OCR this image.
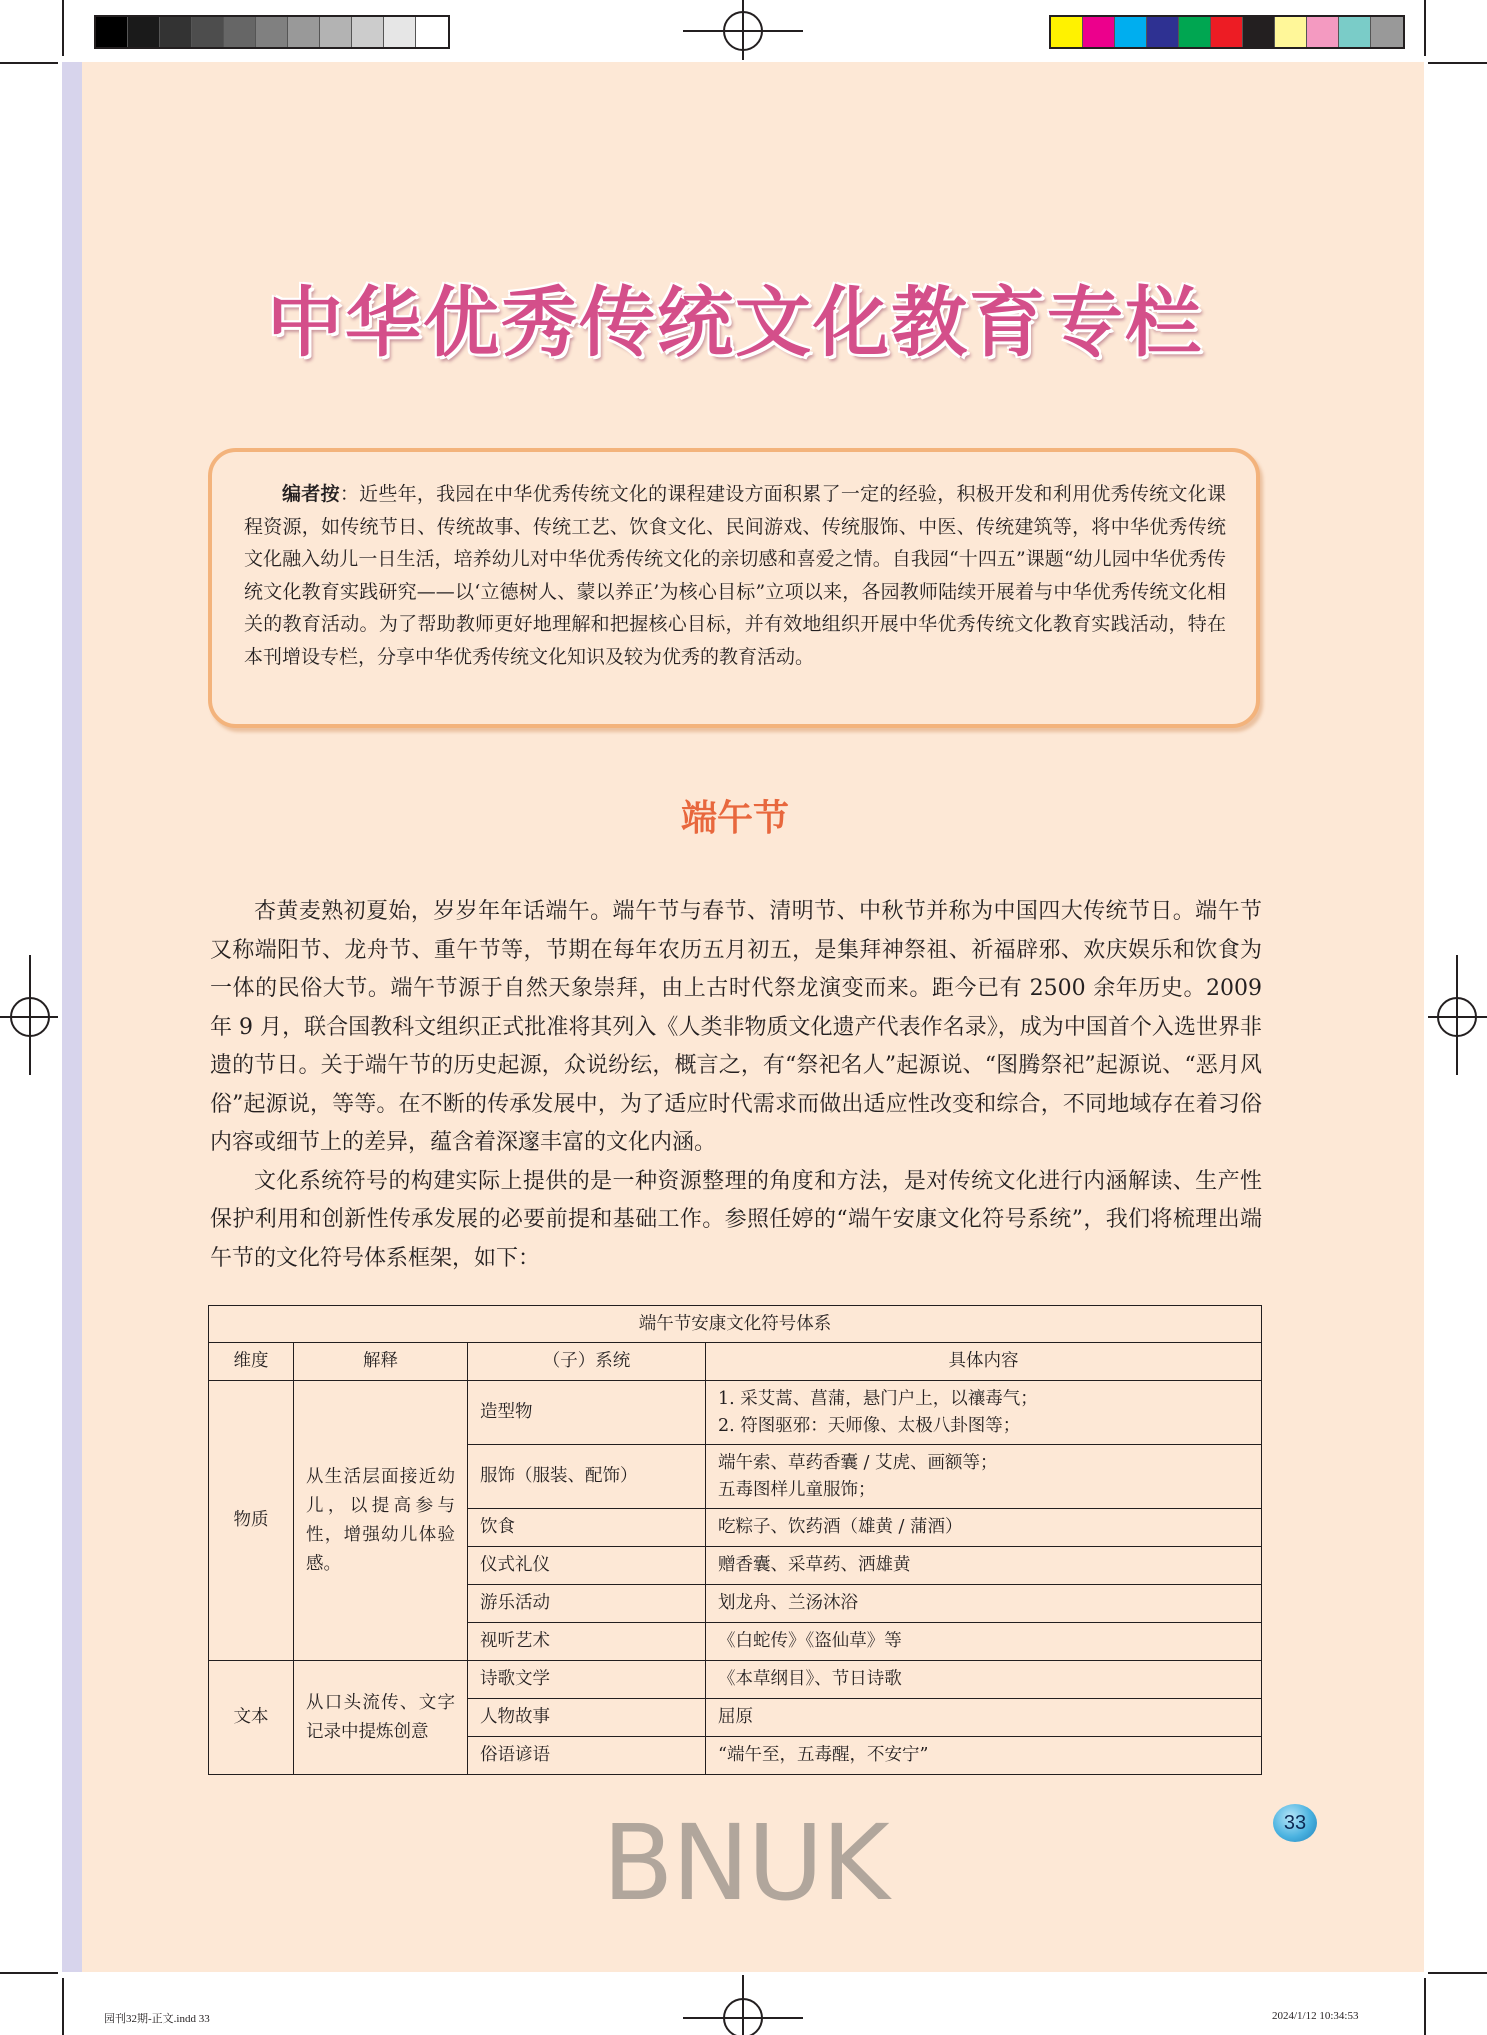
园刊32期-正文.indd 33	2024/1/12 10:34:53
中华优秀传统文化教育专栏
编者按：近些年，我园在中华优秀传统文化的课程建设方面积累了一定的经验，积极开发和利用优秀传统文化课程资源，如传统节日、传统故事、传统工艺、饮食文化、民间游戏、传统服饰、中医、传统建筑等，将中华优秀传统文化融入幼儿一日生活，培养幼儿对中华优秀传统文化的亲切感和喜爱之情。自我园“十四五”课题“幼儿园中华优秀传统文化教育实践研究——以‘立德树人、蒙以养正’为核心目标”立项以来，各园教师陆续开展着与中华优秀传统文化相关的教育活动。为了帮助教师更好地理解和把握核心目标，并有效地组织开展中华优秀传统文化教育实践活动，特在本刊增设专栏，分享中华优秀传统文化知识及较为优秀的教育活动。
端午节

杏黄麦熟初夏始，岁岁年年话端午。端午节与春节、清明节、中秋节并称为中国四大传统节日。端午节又称端阳节、龙舟节、重午节等，节期在每年农历五月初五，是集拜神祭祖、祈福辟邪、欢庆娱乐和饮食为一体的民俗大节。端午节源于自然天象崇拜，由上古时代祭龙演变而来。距今已有 2500 余年历史。2009 年 9 月，联合国教科文组织正式批准将其列入《人类非物质文化遗产代表作名录》，成为中国首个入选世界非遗的节日。关于端午节的历史起源，众说纷纭，概言之，有“祭祀名人”起源说、“图腾祭祀”起源说、“恶月风俗”起源说，等等。在不断的传承发展中，为了适应时代需求而做出适应性改变和综合，不同地域存在着习俗内容或细节上的差异，蕴含着深邃丰富的文化内涵。

文化系统符号的构建实际上提供的是一种资源整理的角度和方法，是对传统文化进行内涵解读、生产性保护利用和创新性传承发展的必要前提和基础工作。参照任婷的“端午安康文化符号系统”，我们将梳理出端午节的文化符号体系框架，如下：

端午节安康文化符号体系			
维度	解释	（子）系统	具体内容
物质	从生活层面接近幼儿，以提高参与性，增强幼儿体验感。	造型物	1. 采艾蒿、菖蒲，悬门户上，以禳毒气；
2. 符图驱邪：天师像、太极八卦图等；

		服饰（服装、配饰）	端午索、草药香囊 / 艾虎、画额等；
五毒图样儿童服饰；

		饮食	吃粽子、饮药酒（雄黄 / 蒲酒）
		仪式礼仪	赠香囊、采草药、洒雄黄
		游乐活动	划龙舟、兰汤沐浴
		视听艺术	《白蛇传》《盗仙草》等
文本	从口头流传、文字记录中提炼创意	诗歌文学	《本草纲目》、节日诗歌
		人物故事	屈原
		俗语谚语	“端午至，五毒醒，不安宁”
33
BNUK
